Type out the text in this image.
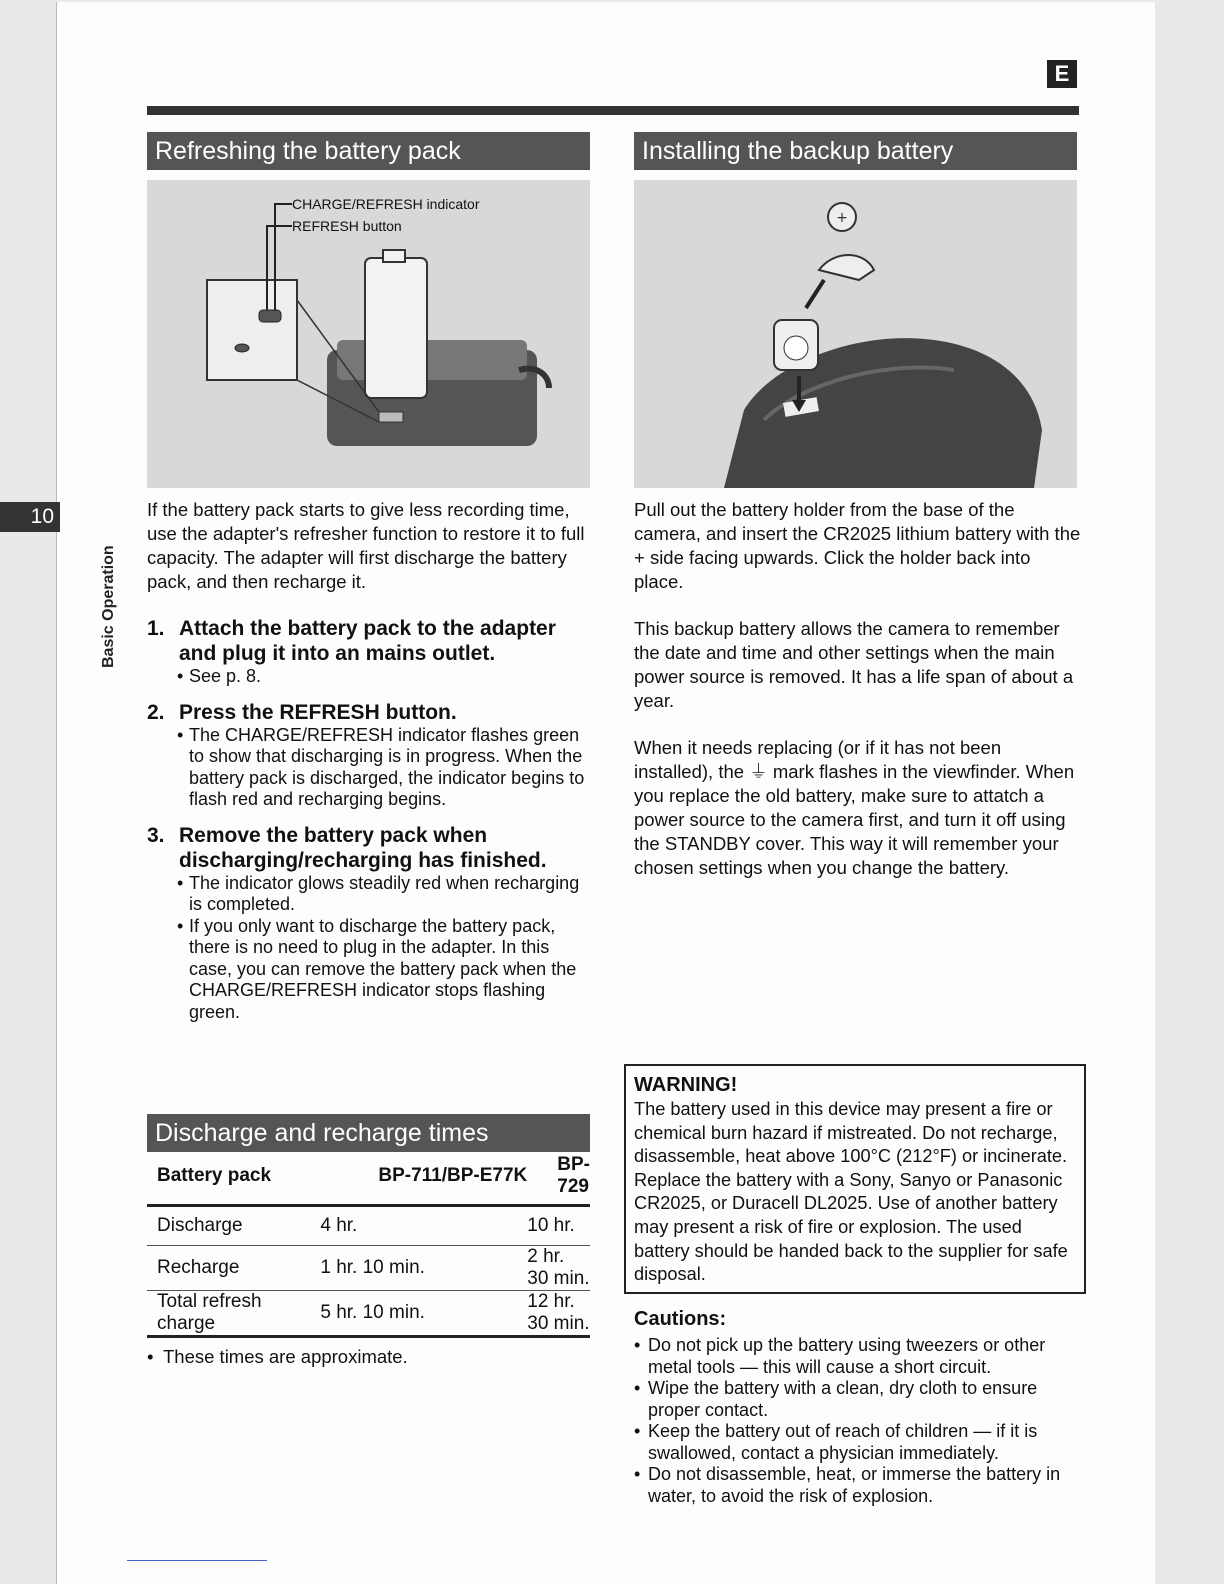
E
Refreshing the battery pack
CHARGE/REFRESH indicator
REFRESH button

If the battery pack starts to give less recording time, use the adapter's refresher function to restore it to full capacity. The adapter will first discharge the battery pack, and then recharge it.

1. Attach the battery pack to the adapter and plug it into an mains outlet.
• See p. 8.
2. Press the REFRESH button.
• The CHARGE/REFRESH indicator flashes green to show that discharging is in progress. When the battery pack is discharged, the indicator begins to flash red and recharging begins.
3. Remove the battery pack when discharging/recharging has finished.
• The indicator glows steadily red when recharging is completed.
• If you only want to discharge the battery pack, there is no need to plug in the adapter. In this case, you can remove the battery pack when the CHARGE/REFRESH indicator stops flashing green.
Discharge and recharge times
Battery pack	BP-711/BP-E77K	BP-729
Discharge	4 hr.	10 hr.
Recharge	1 hr. 10 min.	2 hr. 30 min.
Total refresh charge	5 hr. 10 min.	12 hr. 30 min.
• These times are approximate.
Installing the backup battery
+

Pull out the battery holder from the base of the camera, and insert the CR2025 lithium battery with the + side facing upwards. Click the holder back into place.

This backup battery allows the camera to remember the date and time and other settings when the main power source is removed. It has a life span of about a year.

When it needs replacing (or if it has not been installed), the ⏚ mark flashes in the viewfinder. When you replace the old battery, make sure to attatch a power source to the camera first, and turn it off using the STANDBY cover. This way it will remember your chosen settings when you change the battery.

WARNING!
The battery used in this device may present a fire or chemical burn hazard if mistreated. Do not recharge, disassemble, heat above 100°C (212°F) or incinerate. Replace the battery with a Sony, Sanyo or Panasonic CR2025, or Duracell DL2025. Use of another battery may present a risk of fire or explosion. The used battery should be handed back to the supplier for safe disposal.
Cautions:
• Do not pick up the battery using tweezers or other metal tools — this will cause a short circuit.
• Wipe the battery with a clean, dry cloth to ensure proper contact.
• Keep the battery out of reach of children — if it is swallowed, contact a physician immediately.
• Do not disassemble, heat, or immerse the battery in water, to avoid the risk of explosion.
10
Basic Operation
